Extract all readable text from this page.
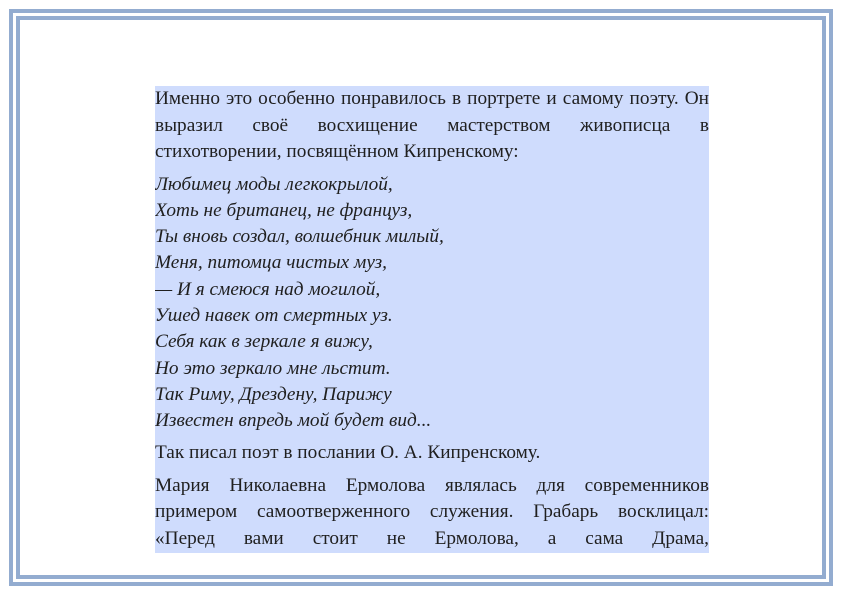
Именно это особенно понравилось в портрете и самому поэту. Он выразил своё восхищение мастерством живописца в стихотворении, посвящённом Кипренскому:

Любимец моды легкокрылой,
Хоть не британец, не француз,
Ты вновь создал, волшебник милый,
Меня, питомца чистых муз,
— И я смеюся над могилой,
Ушед навек от смертных уз.
Себя как в зеркале я вижу,
Но это зеркало мне льстит.
Так Риму, Дрездену, Парижу
Известен впредь мой будет вид...

Так писал поэт в послании О. А. Кипренскому.

Мария Николаевна Ермолова являлась для современников примером самоотверженного служения. Грабарь восклицал: «Перед вами стоит не Ермолова, а сама Драма,
